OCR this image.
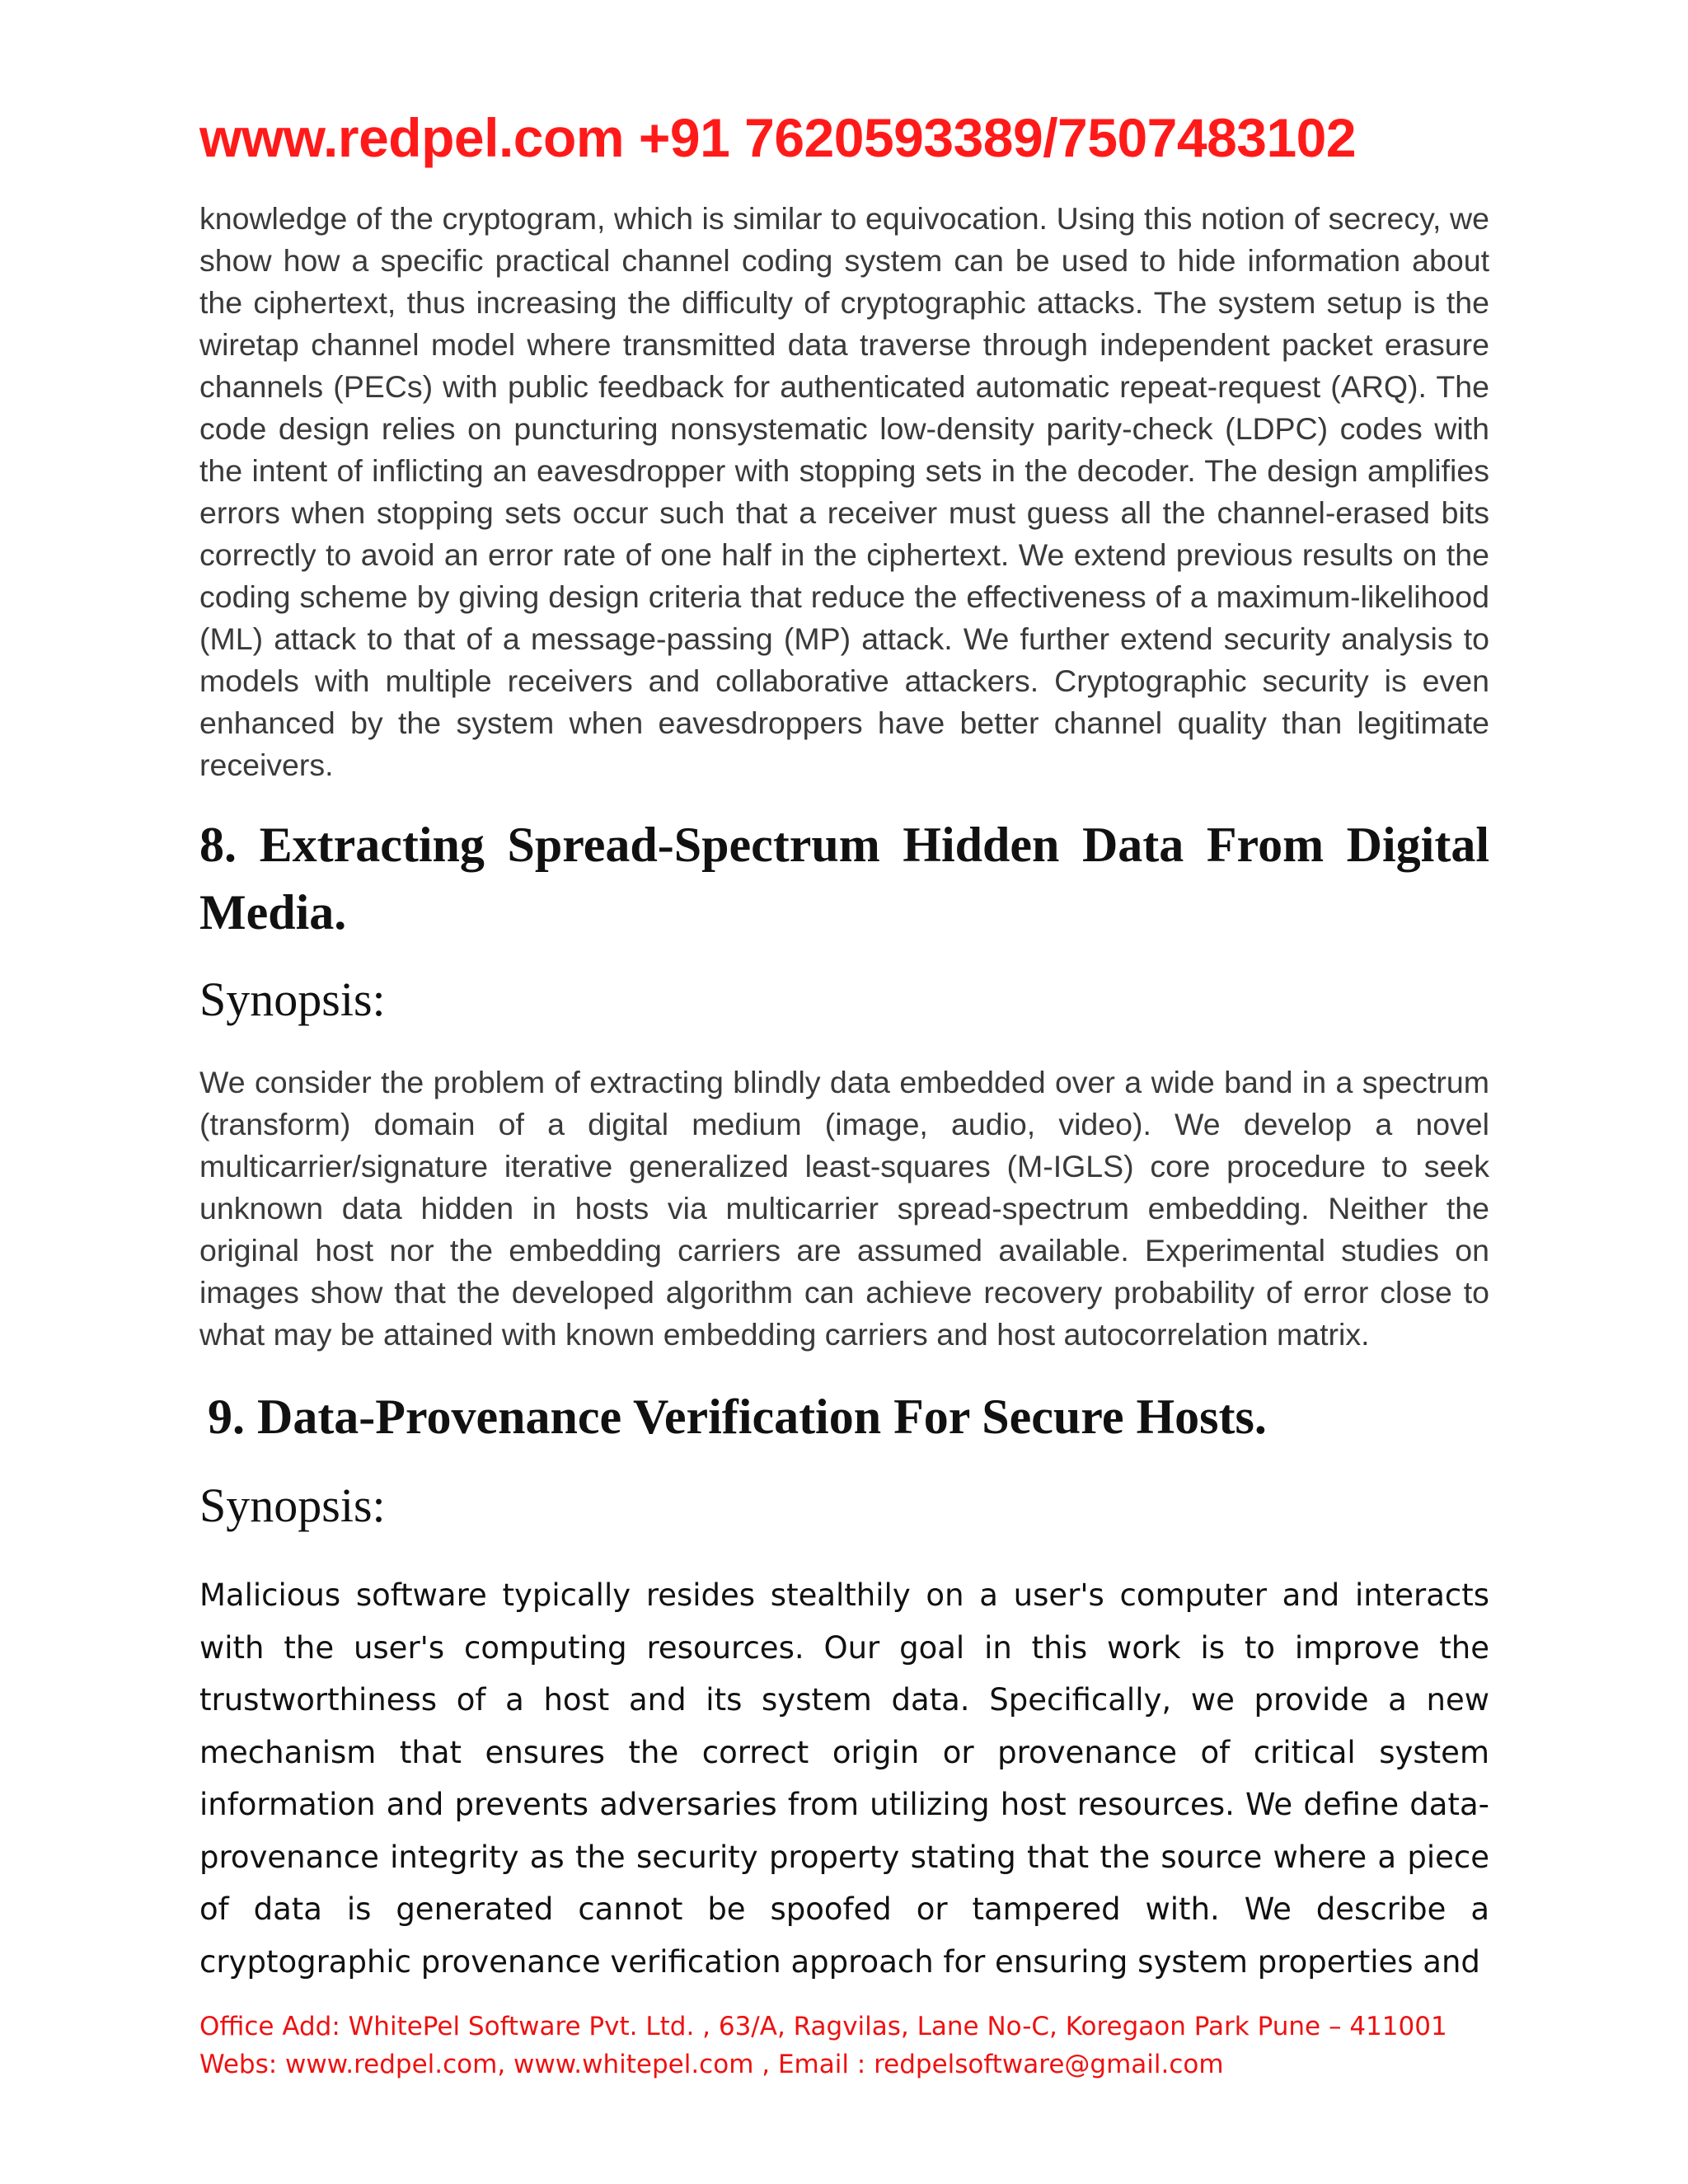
www.redpel.com +91 7620593389/7507483102

knowledge of the cryptogram, which is similar to equivocation. Using this notion of secrecy, we show how a specific practical channel coding system can be used to hide information about the ciphertext, thus increasing the difficulty of cryptographic attacks. The system setup is the wiretap channel model where transmitted data traverse through independent packet erasure channels (PECs) with public feedback for authenticated automatic repeat-request (ARQ). The code design relies on puncturing nonsystematic low-density parity-check (LDPC) codes with the intent of inflicting an eavesdropper with stopping sets in the decoder. The design amplifies errors when stopping sets occur such that a receiver must guess all the channel-erased bits correctly to avoid an error rate of one half in the ciphertext. We extend previous results on the coding scheme by giving design criteria that reduce the effectiveness of a maximum-likelihood (ML) attack to that of a message-passing (MP) attack. We further extend security analysis to models with multiple receivers and collaborative attackers. Cryptographic security is even enhanced by the system when eavesdroppers have better channel quality than legitimate receivers.

8. Extracting Spread-Spectrum Hidden Data From Digital Media.
Synopsis:

We consider the problem of extracting blindly data embedded over a wide band in a spectrum (transform) domain of a digital medium (image, audio, video). We develop a novel multicarrier/signature iterative generalized least-squares (M-IGLS) core procedure to seek unknown data hidden in hosts via multicarrier spread-spectrum embedding. Neither the original host nor the embedding carriers are assumed available. Experimental studies on images show that the developed algorithm can achieve recovery probability of error close to what may be attained with known embedding carriers and host autocorrelation matrix.

9. Data-Provenance Verification For Secure Hosts.
Synopsis:

Malicious software typically resides stealthily on a user's computer and interacts with the user's computing resources. Our goal in this work is to improve the trustworthiness of a host and its system data. Specifically, we provide a new mechanism that ensures the correct origin or provenance of critical system information and prevents adversaries from utilizing host resources. We define data-provenance integrity as the security property stating that the source where a piece of data is generated cannot be spoofed or tampered with. We describe a cryptographic provenance verification approach for ensuring system properties and

Office Add: WhitePel Software Pvt. Ltd. , 63/A, Ragvilas, Lane No-C, Koregaon Park Pune – 411001
Webs: www.redpel.com, www.whitepel.com , Email : redpelsoftware@gmail.com
